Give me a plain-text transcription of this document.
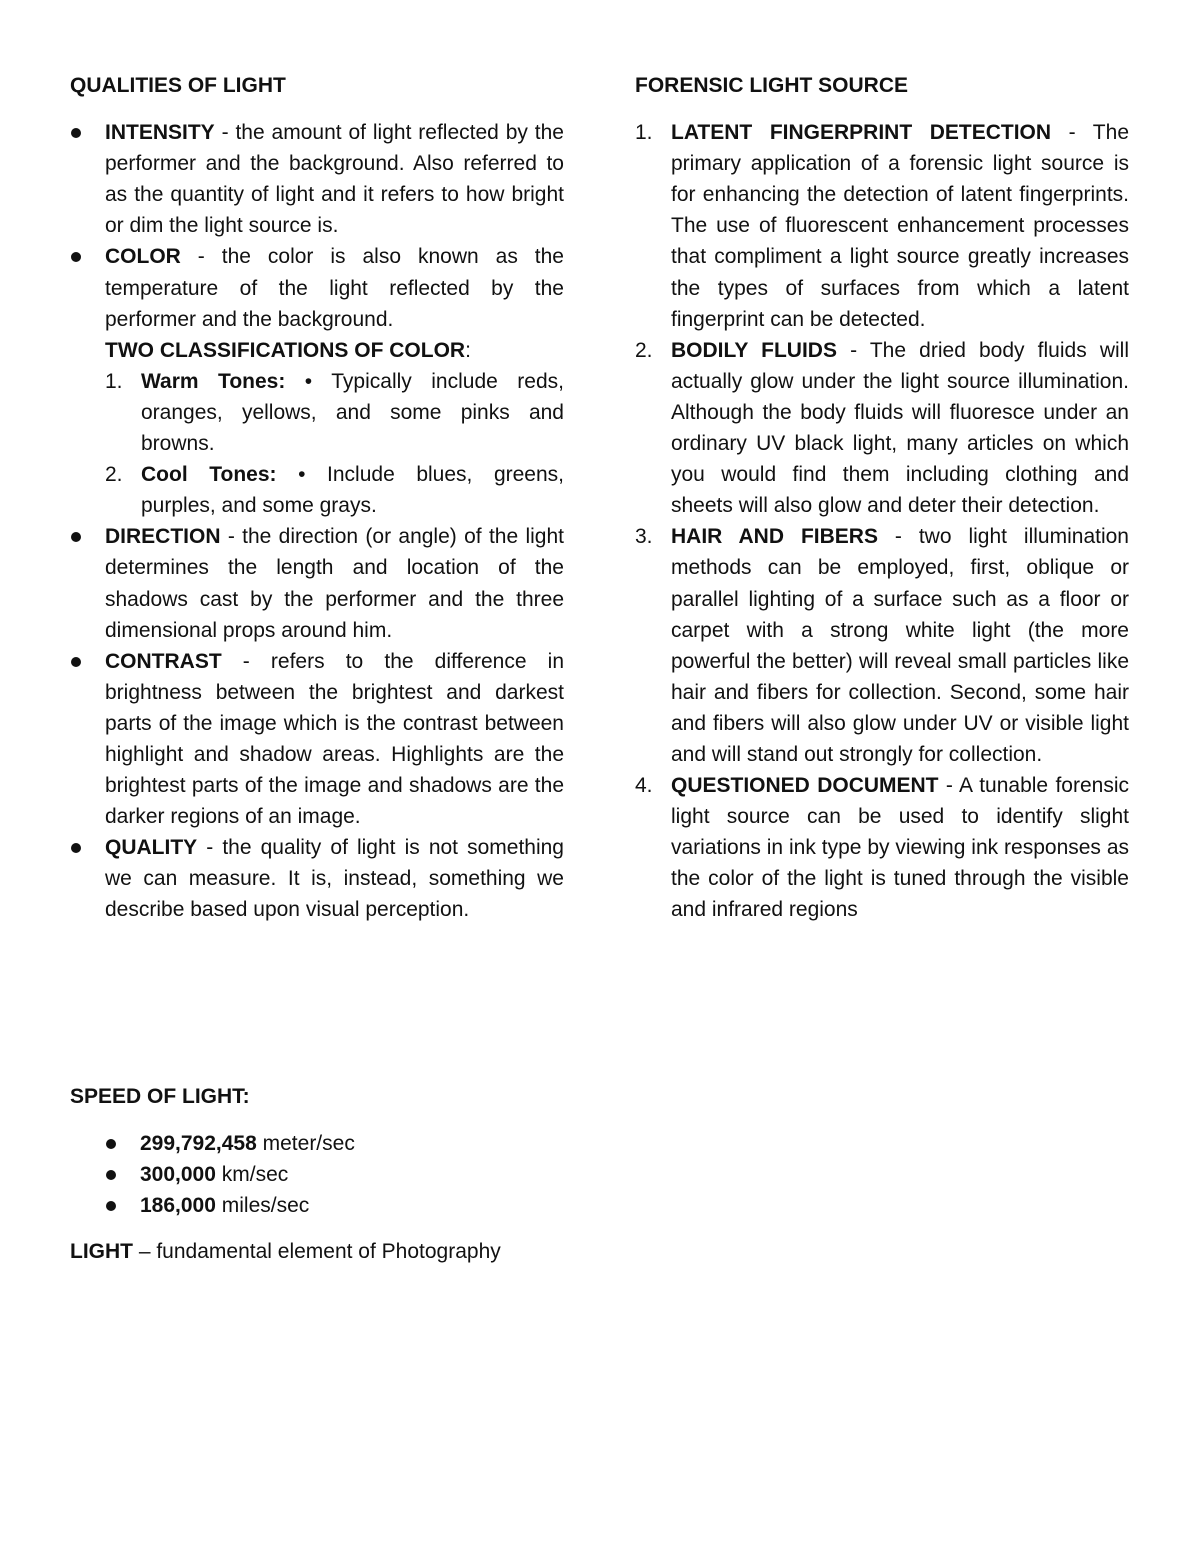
QUALITIES OF LIGHT
INTENSITY - the amount of light reflected by the performer and the background. Also referred to as the quantity of light and it refers to how bright or dim the light source is.
COLOR - the color is also known as the temperature of the light reflected by the performer and the background.
TWO CLASSIFICATIONS OF COLOR:
1. Warm Tones: • Typically include reds, oranges, yellows, and some pinks and browns.
2. Cool Tones: • Include blues, greens, purples, and some grays.
DIRECTION - the direction (or angle) of the light determines the length and location of the shadows cast by the performer and the three dimensional props around him.
CONTRAST - refers to the difference in brightness between the brightest and darkest parts of the image which is the contrast between highlight and shadow areas. Highlights are the brightest parts of the image and shadows are the darker regions of an image.
QUALITY - the quality of light is not something we can measure. It is, instead, something we describe based upon visual perception.
FORENSIC LIGHT SOURCE
1. LATENT FINGERPRINT DETECTION - The primary application of a forensic light source is for enhancing the detection of latent fingerprints. The use of fluorescent enhancement processes that compliment a light source greatly increases the types of surfaces from which a latent fingerprint can be detected.
2. BODILY FLUIDS - The dried body fluids will actually glow under the light source illumination. Although the body fluids will fluoresce under an ordinary UV black light, many articles on which you would find them including clothing and sheets will also glow and deter their detection.
3. HAIR AND FIBERS - two light illumination methods can be employed, first, oblique or parallel lighting of a surface such as a floor or carpet with a strong white light (the more powerful the better) will reveal small particles like hair and fibers for collection. Second, some hair and fibers will also glow under UV or visible light and will stand out strongly for collection.
4. QUESTIONED DOCUMENT - A tunable forensic light source can be used to identify slight variations in ink type by viewing ink responses as the color of the light is tuned through the visible and infrared regions
SPEED OF LIGHT:
299,792,458 meter/sec
300,000 km/sec
186,000 miles/sec
LIGHT – fundamental element of Photography
